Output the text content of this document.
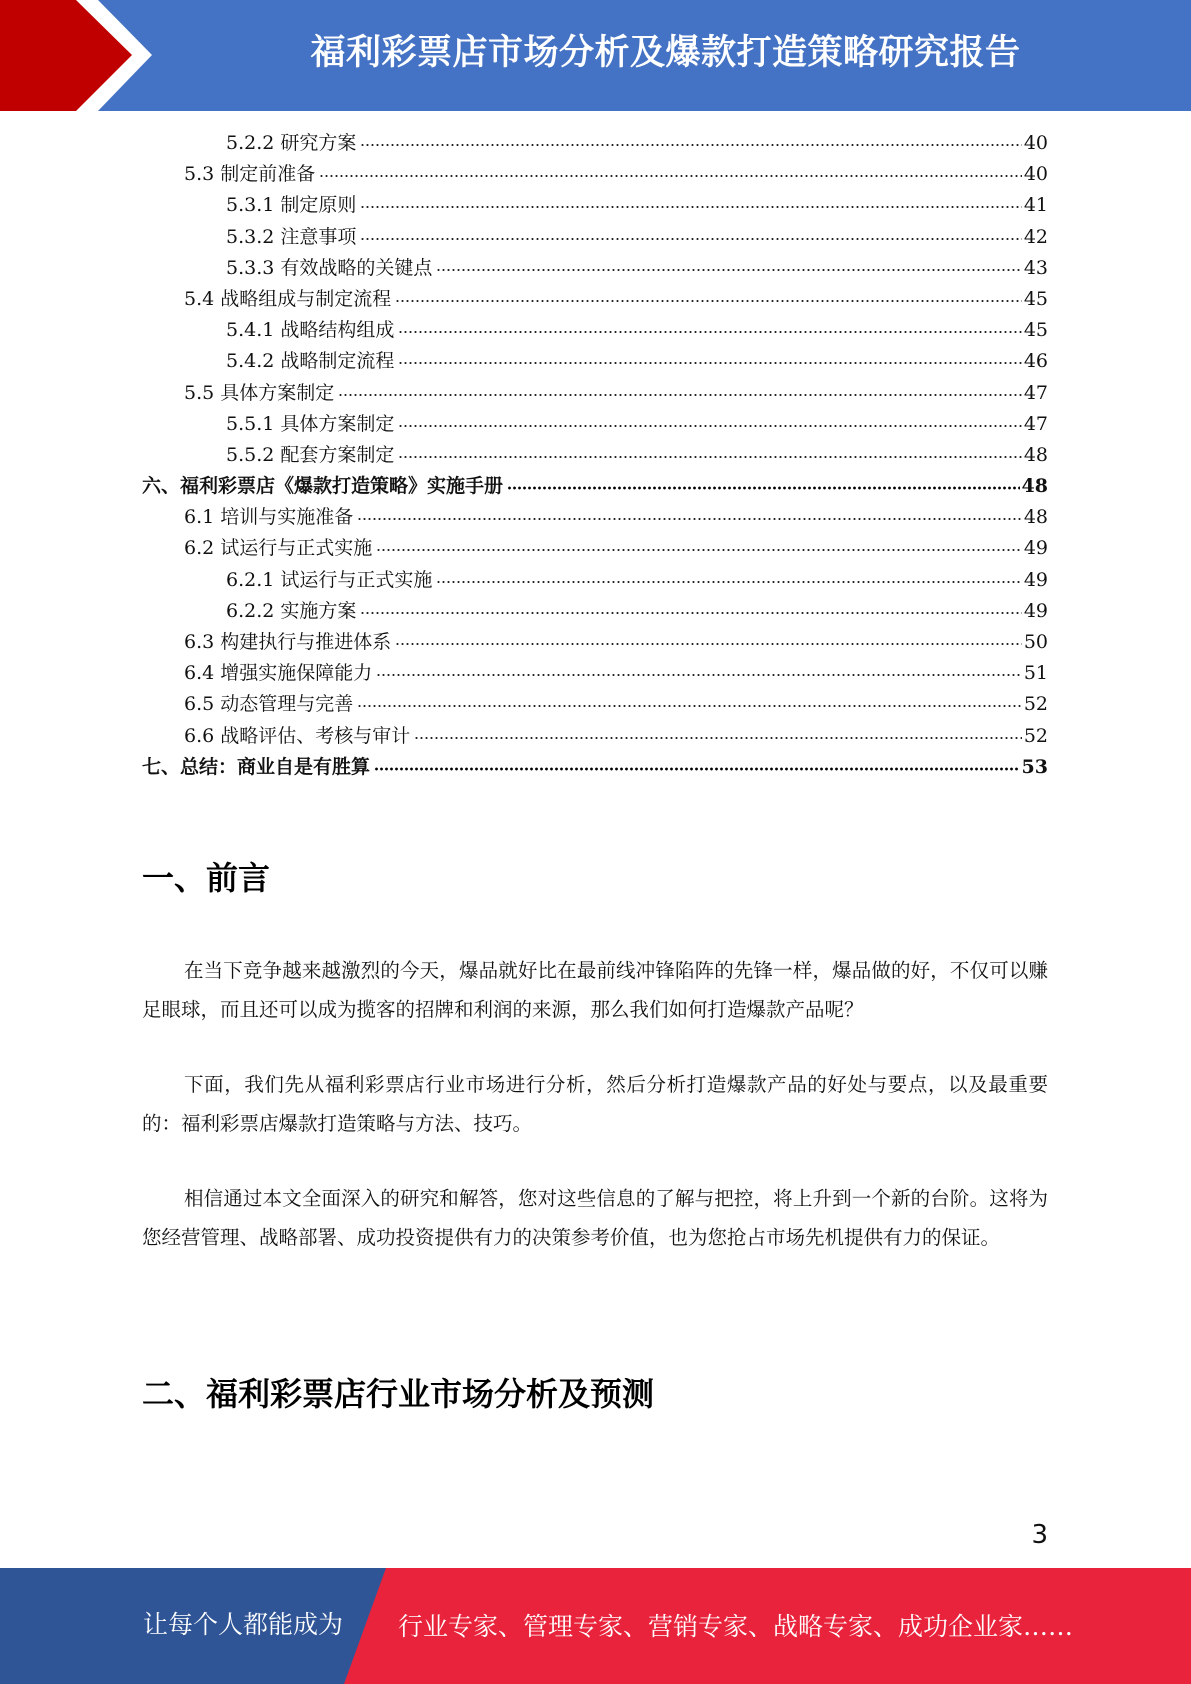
福利彩票店市场分析及爆款打造策略研究报告
5.2.2 研究方案	40
5.3 制定前准备	40
5.3.1 制定原则	41
5.3.2 注意事项	42
5.3.3 有效战略的关键点	43
5.4 战略组成与制定流程	45
5.4.1 战略结构组成	45
5.4.2 战略制定流程	46
5.5 具体方案制定	47
5.5.1 具体方案制定	47
5.5.2 配套方案制定	48
六、福利彩票店《爆款打造策略》实施手册	48
6.1 培训与实施准备	48
6.2 试运行与正式实施	49
6.2.1 试运行与正式实施	49
6.2.2 实施方案	49
6.3 构建执行与推进体系	50
6.4 增强实施保障能力	51
6.5 动态管理与完善	52
6.6 战略评估、考核与审计	52
七、总结：商业自是有胜算	53
一、前言

在当下竞争越来越激烈的今天，爆品就好比在最前线冲锋陷阵的先锋一样，爆品做的好，不仅可以赚足眼球，而且还可以成为揽客的招牌和利润的来源，那么我们如何打造爆款产品呢？

下面，我们先从福利彩票店行业市场进行分析，然后分析打造爆款产品的好处与要点，以及最重要的：福利彩票店爆款打造策略与方法、技巧。

相信通过本文全面深入的研究和解答，您对这些信息的了解与把控，将上升到一个新的台阶。这将为您经营管理、战略部署、成功投资提供有力的决策参考价值，也为您抢占市场先机提供有力的保证。

二、福利彩票店行业市场分析及预测
3
让每个人都能成为 行业专家、管理专家、营销专家、战略专家、成功企业家……
